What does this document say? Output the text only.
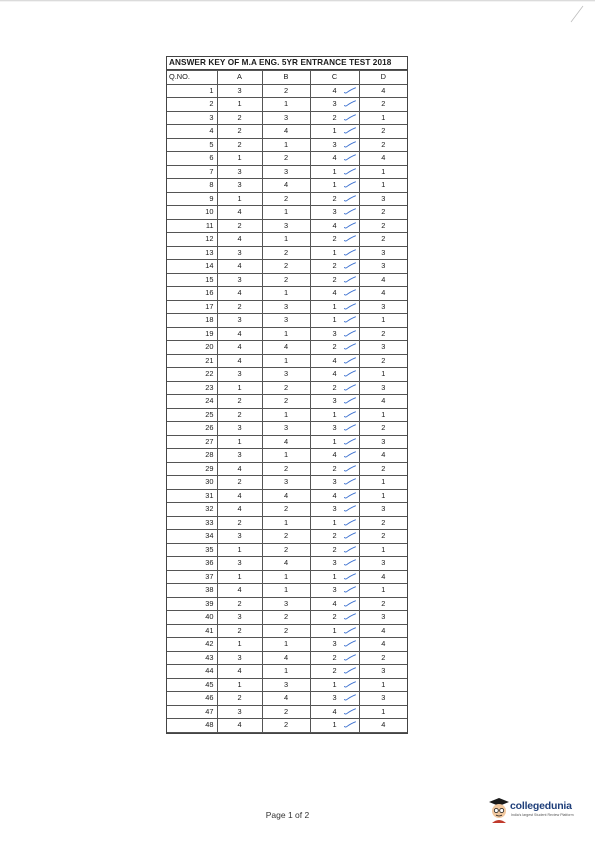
ANSWER KEY OF M.A ENG. 5YR ENTRANCE TEST 2018
Q.NO.	A	B	C	D
1	3	2	4	4
2	1	1	3	2
3	2	3	2	1
4	2	4	1	2
5	2	1	3	2
6	1	2	4	4
7	3	3	1	1
8	3	4	1	1
9	1	2	2	3
10	4	1	3	2
11	2	3	4	2
12	4	1	2	2
13	3	2	1	3
14	4	2	2	3
15	3	2	2	4
16	4	1	4	4
17	2	3	1	3
18	3	3	1	1
19	4	1	3	2
20	4	4	2	3
21	4	1	4	2
22	3	3	4	1
23	1	2	2	3
24	2	2	3	4
25	2	1	1	1
26	3	3	3	2
27	1	4	1	3
28	3	1	4	4
29	4	2	2	2
30	2	3	3	1
31	4	4	4	1
32	4	2	3	3
33	2	1	1	2
34	3	2	2	2
35	1	2	2	1
36	3	4	3	3
37	1	1	1	4
38	4	1	3	1
39	2	3	4	2
40	3	2	2	3
41	2	2	1	4
42	1	1	3	4
43	3	4	2	2
44	4	1	2	3
45	1	3	1	1
46	2	4	3	3
47	3	2	4	1
48	4	2	1	4
Page 1 of 2
collegedunia
India's largest Student Review Platform
